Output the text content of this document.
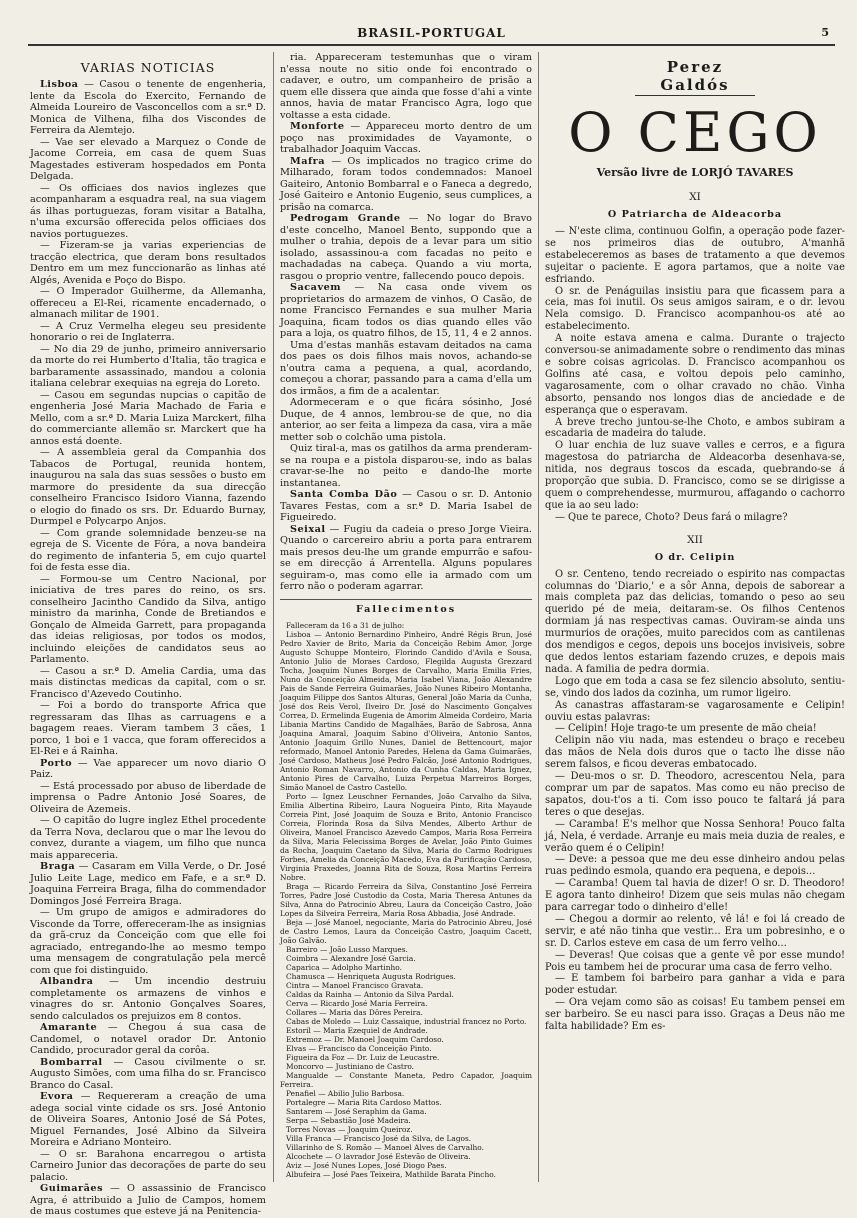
BRASIL-PORTUGAL	5
VARIAS NOTICIAS
Lisboa — Casou o tenente de engenheria, lente da Escola do Exercito, Fernando de Almeida Loureiro de Vasconcellos com a sr.ª D. Monica de Vilhena, filha dos Viscondes de Ferreira da Alemtejo.
— Vae ser elevado a Marquez o Conde de Jacome Correia, em casa de quem Suas Magestades estiveram hospedados em Ponta Delgada.
— Os officiaes dos navios inglezes que acompanharam a esquadra real, na sua viagem ás ilhas portuguezas, foram visitar a Batalha, n'uma excursão offerecida pelos officiaes dos navios portuguezes.
— Fizeram-se ja varias experiencias de tracção electrica, que deram bons resultados Dentro em um mez funccionarão as linhas até Algés, Avenida e Poço do Bispo.
— O Imperador Guilherme, da Allemanha, offereceu a El-Rei, ricamente encadernado, o almanach militar de 1901.
— A Cruz Vermelha elegeu seu presidente honorario o rei de Inglaterra.
— No dia 29 de junho, primeiro anniversario da morte do rei Humberto d'Italia, tão tragica e barbaramente assassinado, mandou a colonia italiana celebrar exequias na egreja do Loreto.
— Casou em segundas nupcias o capitão de engenheria José Maria Machado de Faria e Mello, com a sr.ª D. Maria Luiza Marckert, filha do commerciante allemão sr. Marckert que ha annos está doente.
— A assembleia geral da Companhia dos Tabacos de Portugal, reunida hontem, inaugurou na sala das suas sessões o busto em marmore do presidente da sua direcção conselheiro Francisco Isidoro Vianna, fazendo o elogio do finado os srs. Dr. Eduardo Burnay, Durmpel e Polycarpo Anjos.
— Com grande solemnidade benzeu-se na egreja de S. Vicente de Fóra, a nova bandeira do regimento de infanteria 5, em cujo quartel foi de festa esse dia.
— Formou-se um Centro Nacional, por iniciativa de tres pares do reino, os srs. conselheiro Jacintho Candido da Silva, antigo ministro da marinha, Conde de Bretiandos e Gonçalo de Almeida Garrett, para propaganda das ideias religiosas, por todos os modos, incluindo eleições de candidatos seus ao Parlamento.
— Casou a sr.ª D. Amelia Cardia, uma das mais distinctas medicas da capital, com o sr. Francisco d'Azevedo Coutinho.
— Foi a bordo do transporte Africa que regressaram das Ilhas as carruagens e a bagagem reaes. Vieram tambem 3 cães, 1 porco, 1 boi e 1 vacca, que foram offerecidos a El-Rei e á Rainha.
Porto — Vae apparecer um novo diario O Paiz.
— Está processado por abuso de liberdade de imprensa o Padre Antonio José Soares, de Oliveira de Azemeis.
— O capitão do lugre inglez Ethel procedente da Terra Nova, declarou que o mar lhe levou do convez, durante a viagem, um filho que nunca mais appareceria.
Braga — Casaram em Villa Verde, o Dr. José Julio Leite Lage, medico em Fafe, e a sr.ª D. Joaquina Ferreira Braga, filha do commendador Domingos José Ferreira Braga.
— Um grupo de amigos e admiradores do Visconde da Torre, offereceram-lhe as insignias da grã-cruz da Conceição com que elle foi agraciado, entregando-lhe ao mesmo tempo uma mensagem de congratulação pela mercê com que foi distinguido.
Albandra — Um incendio destruiu completamente os armazens de vinhos e vinagres do sr. Antonio Gonçalves Soares, sendo calculados os prejuizos em 8 contos.
Amarante — Chegou á sua casa de Candomel, o notavel orador Dr. Antonio Candido, procurador geral da corôa.
Bombarral — Casou civilmente o sr. Augusto Simões, com uma filha do sr. Francisco Branco do Casal.
Evora — Requereram a creação de uma adega social vinte cidade os srs. José Antonio de Oliveira Soares, Antonio José de Sá Potes, Miguel Fernandes, José Albino da Silveira Moreira e Adriano Monteiro.
— O sr. Barahona encarregou o artista Carneiro Junior das decorações de parte do seu palacio.
Guimarães — O assassinio de Francisco Agra, é attribuido a Julio de Campos, homem de maus costumes que esteve já na Penitencia-
ria. Appareceram testemunhas que o viram n'essa noute no sitio onde foi encontrado o cadaver, e outro, um companheiro de prisão a quem elle dissera que ainda que fosse d'ahi a vinte annos, havia de matar Francisco Agra, logo que voltasse a esta cidade.
Monforte — Appareceu morto dentro de um poço nas proximidades de Vayamonte, o trabalhador Joaquim Vaccas.
Mafra — Os implicados no tragico crime do Milharado, foram todos condemnados: Manoel Gaiteiro, Antonio Bombarral e o Faneca a degredo, José Gaiteiro e Antonio Eugenio, seus cumplices, a prisão na comarca.
Pedrogam Grande — No logar do Bravo d'este concelho, Manoel Bento, suppondo que a mulher o trahia, depois de a levar para um sitio isolado, assassinou-a com facadas no peito e machadadas na cabeça. Quando a viu morta, rasgou o proprio ventre, fallecendo pouco depois.
Sacavem — Na casa onde vivem os proprietarios do armazem de vinhos, O Casão, de nome Francisco Fernandes e sua mulher Maria Joaquina, ficam todos os dias quando elles vão para a loja, os quatro filhos, de 15, 11, 4 e 2 annos.
Uma d'estas manhãs estavam deitados na cama dos paes os dois filhos mais novos, achando-se n'outra cama a pequena, a qual, acordando, começou a chorar, passando para a cama d'ella um dos irmãos, a fim de a acalentar.
Adormeceram e o que ficára sósinho, José Duque, de 4 annos, lembrou-se de que, no dia anterior, ao ser feita a limpeza da casa, vira a mãe metter sob o colchão uma pistola.
Quiz tiral-a, mas os gatilhos da arma prenderam-se na roupa e a pistola disparou-se, indo as balas cravar-se-lhe no peito e dando-lhe morte instantanea.
Santa Comba Dão — Casou o sr. D. Antonio Tavares Festas, com a sr.ª D. Maria Isabel de Figueiredo.
Seixal — Fugiu da cadeia o preso Jorge Vieira. Quando o carcereiro abriu a porta para entrarem mais presos deu-lhe um grande empurrão e safou-se em direcção á Arrentella. Alguns populares seguiram-o, mas como elle ia armado com um ferro não o poderam agarrar.
Fallecimentos
Falleceram da 16 a 31 de julho:
Lisboa — Antonio Bernardino Pinheiro, André Régis Brun, José Pedro Xavier de Brito, Maria da Conceição Rebim Amor, Jorge Augusto Schuppe Monteiro, Florindo Candido d'Avila e Sousa, Antonio Julio de Moraes Cardoso, Flegilda Augusta Grezzard Tocha, Joaquim Nunes Borges de Carvalho, Maria Emilia Fries, Nuno da Conceição Almeida, Maria Isabel Viana, João Alexandre Pais de Sande Ferreira Guimarães, João Nunes Ribeiro Montanha, Joaquim Filippe dos Santos Alturas, General João Maria da Cunha, José dos Reis Verol, Ilveiro Dr. José do Nascimento Gonçalves Correa, D. Ermelinda Eugenia de Amorim Almeida Cordeiro, Maria Libania Martins Candido de Magalhães, Barão de Sabrosa, Anna Joaquina Amaral, Joaquim Sabino d'Oliveira, Antonio Santos, Antonio Joaquim Grillo Nunes, Daniel de Bettencourt, major reformado, Manoel Antonio Paredes, Helena da Gama Guimarães, José Cardoso, Matheus José Pedro Falcão, José Antonio Rodrigues, Antonio Roman Navarro, Antonio da Cunha Caldas, Maria Ignez, Antonio Pires de Carvalho, Luiza Perpetua Marreiros Borges, Simão Manoel de Castro Castello.
Porto — Ignez Leuschner Fernandes, João Carvalho da Silva, Emilia Albertina Ribeiro, Laura Nogueira Pinto, Rita Mayaude Correia Pint, José Joaquim de Souza e Brito, Antonio Francisco Correia, Florinda Rosa da Silva Mendes, Alberto Arthur de Oliveira, Manoel Francisco Azevedo Campos, Maria Rosa Ferreira da Silva, Maria Felecissima Borges de Avelar, João Pinto Guimes da Rocha, Joaquim Caetano da Silva, Maria do Carmo Rodrigues Forbes, Amelia da Conceição Macedo, Eva da Purificação Cardoso, Virginia Praxedes, Joanna Rita de Souza, Rosa Martins Ferreira Nobre.
Braga — Ricardo Ferreira da Silva, Constantino José Ferreira Torres, Padre José Custodio da Costa, Maria Theresa Antunes da Silva, Anna do Patrocinio Abreu, Laura da Conceição Castro, João Lopes da Silveira Ferreira, Maria Rosa Abbadia, José Andrade.
Beja — José Manoel, negociante, Maria do Patrocinio Abreu, José de Castro Lemos, Laura da Conceição Castro, Joaquim Cacett, João Galvão.
Barreiro — João Lusso Marques.
Coimbra — Alexandre José Garcia.
Caparica — Adolpho Martinho.
Chamusca — Henriqueta Augusta Rodrigues.
Cintra — Manoel Francisco Gravata.
Caldas da Rainha — Antonio da Silva Pardal.
Cerva — Ricardo José Maria Ferreira.
Collares — Maria das Dôres Pereira.
Cabas de Moledo — Luiz Cassaique, industrial francez no Porto.
Estoril — Maria Ezequiel de Andrade.
Extremoz — Dr. Manoel Joaquim Cardoso.
Elvas — Francisco da Conceição Pinto.
Figueira da Foz — Dr. Luiz de Leucastre.
Moncorvo — Justiniano de Castro.
Mangualde — Constante Maneta, Pedro Capador, Joaquim Ferreira.
Penafiel — Abilio Julio Barbosa.
Portalegre — Maria Rita Cardoso Mattos.
Santarem — José Seraphim da Gama.
Serpa — Sebastião José Madeira.
Torres Novas — Joaquim Queiroz.
Villa Franca — Francisco José da Silva, de Lagos.
Villarinho de S. Romão — Manoel Alves de Carvalho.
Alcochete — O lavrador José Estevão de Oliveira.
Aviz — José Nunes Lopes, José Diogo Paes.
Albufeira — José Paes Teixeira, Mathilde Barata Pincho.
Perez Galdós
O CEGO
Versão livre de LORJÓ TAVARES
XI
O Patriarcha de Aldeacorba
— N'este clima, continuou Golfin, a operação pode fazer-se nos primeiros dias de outubro, A'manhã estabeleceremos as bases de tratamento a que devemos sujeitar o paciente. E agora partamos, que a noite vae esfriando.
O sr. de Penáguilas insistiu para que ficassem para a ceia, mas foi inutil. Os seus amigos sairam, e o dr. levou Nela comsigo. D. Francisco acompanhou-os até ao estabelecimento.
A noite estava amena e calma. Durante o trajecto conversou-se animadamente sobre o rendimento das minas e sobre coisas agricolas. D. Francisco acompanhou os Golfins até casa, e voltou depois pelo caminho, vagarosamente, com o olhar cravado no chão. Vinha absorto, pensando nos longos dias de anciedade e de esperança que o esperavam.
A breve trecho juntou-se-lhe Choto, e ambos subiram a escadaria de madeira do talude.
O luar enchia de luz suave valles e cerros, e a figura magestosa do patriarcha de Aldeacorba desenhava-se, nitida, nos degraus toscos da escada, quebrando-se á proporção que subia. D. Francisco, como se se dirigisse a quem o comprehendesse, murmurou, affagando o cachorro que ia ao seu lado:
— Que te parece, Choto? Deus fará o milagre?
XII
O dr. Celipin
O sr. Centeno, tendo recreiado o espirito nas compactas columnas do 'Diario,' e a sôr Anna, depois de saborear a mais completa paz das delicias, tomando o peso ao seu querido pé de meia, deitaram-se. Os filhos Centenos dormiam já nas respectivas camas. Ouviram-se ainda uns murmurios de orações, muito parecidos com as cantilenas dos mendigos e cegos, depois uns bocejos invisiveis, sobre que dedos lentos estariam fazendo cruzes, e depois mais nada. A familia de pedra dormia.
Logo que em toda a casa se fez silencio absoluto, sentiu-se, vindo dos lados da cozinha, um rumor ligeiro.
As canastras affastaram-se vagarosamente e Celipin! ouviu estas palavras:
— Celipin! Hoje trago-te um presente de mão cheia!
Celipin não viu nada, mas estendeu o braço e recebeu das mãos de Nela dois duros que o tacto lhe disse não serem falsos, e ficou deveras embatocado.
— Deu-mos o sr. D. Theodoro, acrescentou Nela, para comprar um par de sapatos. Mas como eu não preciso de sapatos, dou-t'os a ti. Com isso pouco te faltará já para teres o que desejas.
— Caramba! E's melhor que Nossa Senhora! Pouco falta já, Nela, é verdade. Arranje eu mais meia duzia de reales, e verão quem é o Celipin!
— Deve: a pessoa que me deu esse dinheiro andou pelas ruas pedindo esmola, quando era pequena, e depois...
— Caramba! Quem tal havia de dizer! O sr. D. Theodoro! E agora tanto dinheiro! Dizem que seis mulas não chegam para carregar todo o dinheiro d'elle!
— Chegou a dormir ao relento, vê lá! e foi lá creado de servir, e até não tinha que vestir... Era um pobresinho, e o sr. D. Carlos esteve em casa de um ferro velho...
— Deveras! Que coisas que a gente vê por esse mundo! Pois eu tambem hei de procurar uma casa de ferro velho.
— E tambem foi barbeiro para ganhar a vida e para poder estudar.
— Ora vejam como são as coisas! Eu tambem pensei em ser barbeiro. Se eu nasci para isso. Graças a Deus não me falta habilidade? Em es-
